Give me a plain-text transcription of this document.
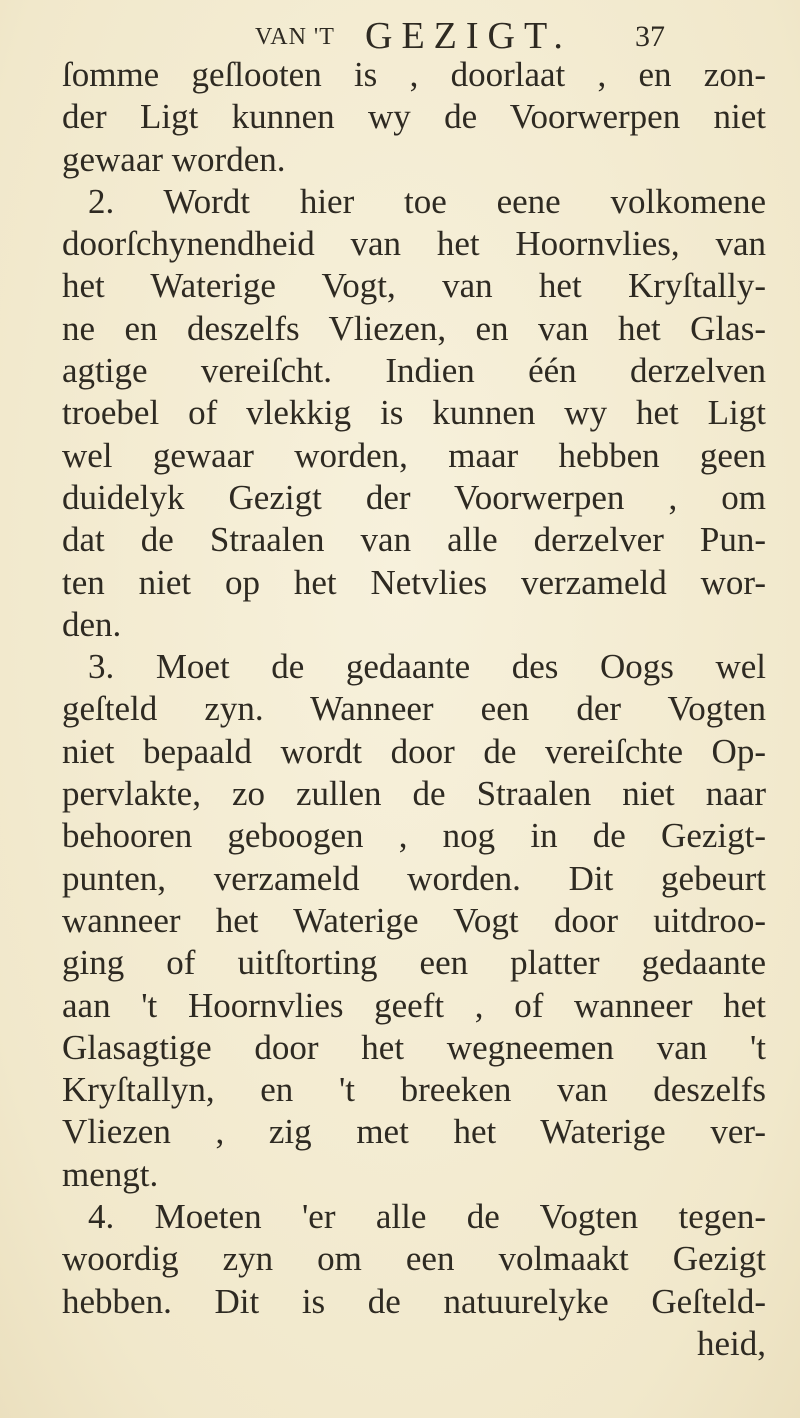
VAN 'T GEZIGT. 37
ſomme geſlooten is , doorlaat , en zon-
der Ligt kunnen wy de Voorwerpen niet
gewaar worden.
2. Wordt hier toe eene volkomene
doorſchynendheid van het Hoornvlies, van
het Waterige Vogt, van het Kryſtally-
ne en deszelfs Vliezen, en van het Glas-
agtige vereiſcht. Indien één derzelven
troebel of vlekkig is kunnen wy het Ligt
wel gewaar worden, maar hebben geen
duidelyk Gezigt der Voorwerpen , om
dat de Straalen van alle derzelver Pun-
ten niet op het Netvlies verzameld wor-
den.
3. Moet de gedaante des Oogs wel
geſteld zyn. Wanneer een der Vogten
niet bepaald wordt door de vereiſchte Op-
pervlakte, zo zullen de Straalen niet naar
behooren geboogen , nog in de Gezigt-
punten, verzameld worden. Dit gebeurt
wanneer het Waterige Vogt door uitdroo-
ging of uitſtorting een platter gedaante
aan 't Hoornvlies geeft , of wanneer het
Glasagtige door het wegneemen van 't
Kryſtallyn, en 't breeken van deszelfs
Vliezen , zig met het Waterige ver-
mengt.
4. Moeten 'er alle de Vogten tegen-
woordig zyn om een volmaakt Gezigt
hebben. Dit is de natuurelyke Geſteld-
heid,
